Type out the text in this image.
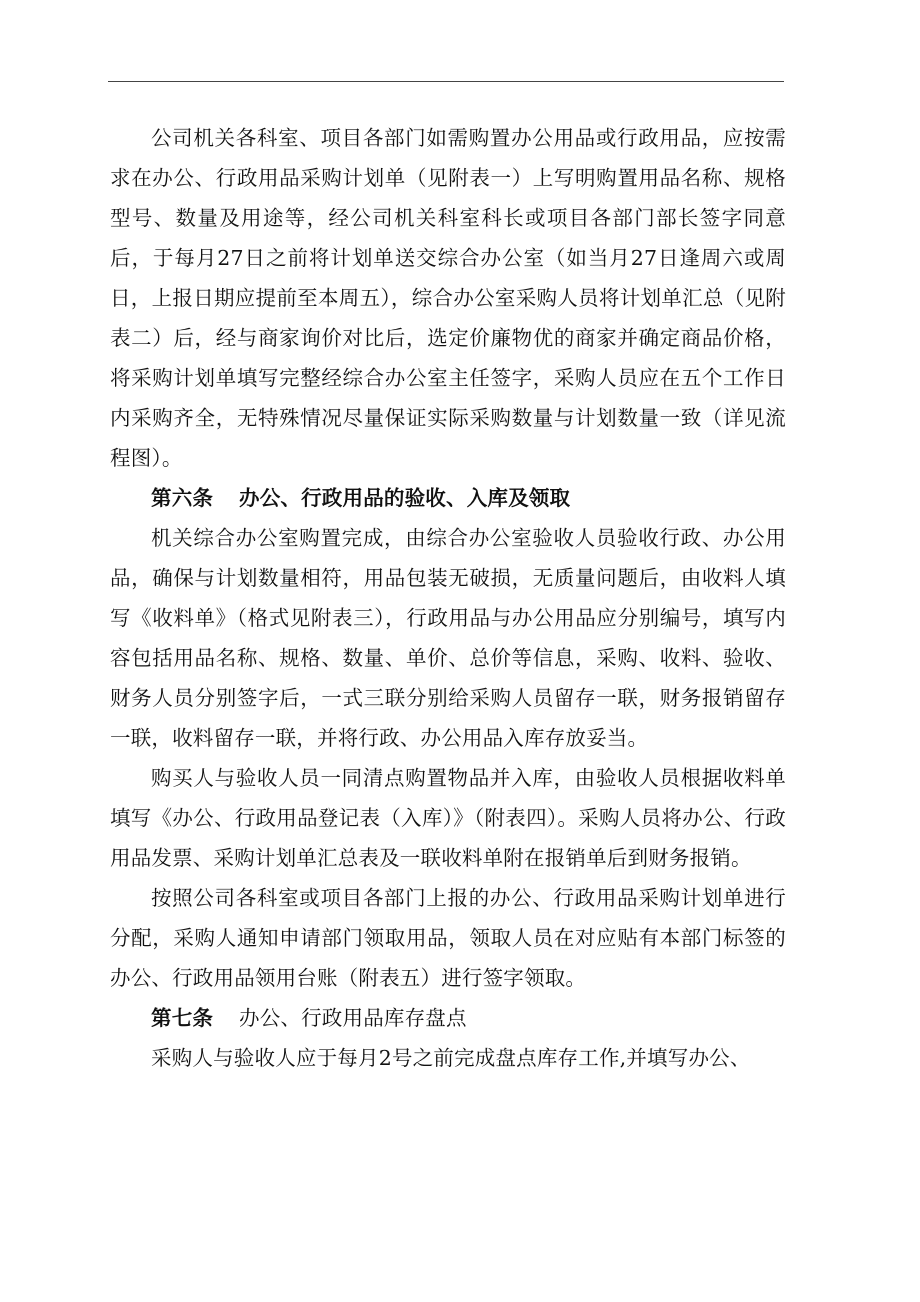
公司机关各科室、项目各部门如需购置办公用品或行政用品，应按需求在办公、行政用品采购计划单（见附表一）上写明购置用品名称、规格型号、数量及用途等，经公司机关科室科长或项目各部门部长签字同意后，于每月27日之前将计划单送交综合办公室（如当月27日逢周六或周日，上报日期应提前至本周五），综合办公室采购人员将计划单汇总（见附表二）后，经与商家询价对比后，选定价廉物优的商家并确定商品价格，将采购计划单填写完整经综合办公室主任签字，采购人员应在五个工作日内采购齐全，无特殊情况尽量保证实际采购数量与计划数量一致（详见流程图）。

第六条 办公、行政用品的验收、入库及领取

机关综合办公室购置完成，由综合办公室验收人员验收行政、办公用品，确保与计划数量相符，用品包装无破损，无质量问题后，由收料人填写《收料单》（格式见附表三），行政用品与办公用品应分别编号，填写内容包括用品名称、规格、数量、单价、总价等信息，采购、收料、验收、财务人员分别签字后，一式三联分别给采购人员留存一联，财务报销留存一联，收料留存一联，并将行政、办公用品入库存放妥当。

购买人与验收人员一同清点购置物品并入库，由验收人员根据收料单填写《办公、行政用品登记表（入库）》（附表四）。采购人员将办公、行政用品发票、采购计划单汇总表及一联收料单附在报销单后到财务报销。

按照公司各科室或项目各部门上报的办公、行政用品采购计划单进行分配，采购人通知申请部门领取用品，领取人员在对应贴有本部门标签的办公、行政用品领用台账（附表五）进行签字领取。

第七条 办公、行政用品库存盘点

采购人与验收人应于每月2号之前完成盘点库存工作,并填写办公、
